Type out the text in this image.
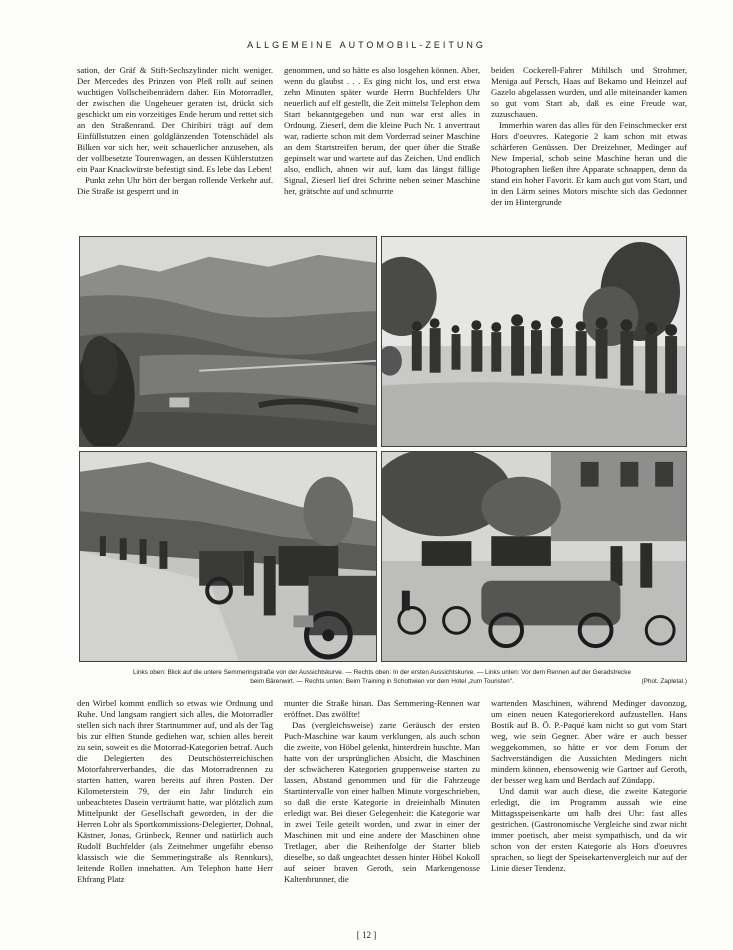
ALLGEMEINE AUTOMOBIL-ZEITUNG

sation, der Gräf & Stift-Sechszylinder nicht weniger. Der Mercedes des Prinzen von Pleß rollt auf seinen wuchtigen Vollscheibenrädern daher. Ein Motorradler, der zwischen die Ungeheuer geraten ist, drückt sich geschickt um ein vorzeitiges Ende herum und rettet sich an den Straßenrand. Der Chiribiri trägt auf dem Einfüllstutzen einen goldglänzenden Totenschädel als Bilken vor sich her, weit schauerlicher anzusehen, als der vollbesetzte Tourenwagen, an dessen Kühlerstutzen ein Paar Knackwürste befestigt sind. Es lebe das Leben!

Punkt zehn Uhr hört der bergan rollende Verkehr auf. Die Straße ist gesperrt und in

genommen, und so hätte es also losgehen können. Aber, wenn du glaubst . . . Es ging nicht los, und erst etwa zehn Minuten später wurde Herrn Buchfelders Uhr neuerlich auf elf gestellt, die Zeit mittelst Telephon dem Start bekanntgegeben und nun war erst alles in Ordnung. Zieserl, dem die kleine Puch Nr. 1 anvertraut war, radierte schon mit dem Vorderrad seiner Maschine an dem Startstreifen herum, der quer über die Straße gepinselt war und wartete auf das Zeichen. Und endlich also, endlich, ahnen wir auf, kam das längst fällige Signal, Zieserl lief drei Schritte neben seiner Maschine her, grätschte auf und schnurrte

beiden Cockerell-Fahrer Mihilsch und Strohmer, Meniga auf Persch, Haas auf Bekamo und Heinzel auf Gazelo abgelassen wurden, und alle miteinander kamen so gut vom Start ab, daß es eine Freude war, zuzuschauen.

Immerhin waren das alles für den Feinschmecker erst Hors d'oeuvres. Kategorie 2 kam schon mit etwas schärferen Genüssen. Der Dreizehner, Medinger auf New Imperial, schob seine Maschine heran und die Photographen ließen ihre Apparate schnappen, denn da stand ein hoher Favorit. Er kam auch gut vom Start, und in den Lärm seines Motors mischte sich das Gedonner der im Hintergrunde

Links oben: Blick auf die untere Semmeringstraße von der Aussichtskurve. — Rechts oben: In der ersten Aussichtskurve. — Links unten: Vor dem Rennen auf der Geradstrecke
beim Bärenwirt. — Rechts unten: Beim Training in Schottwien vor dem Hotel „zum Touristen".	(Phot. Zapletal.)

den Wirbel kommt endlich so etwas wie Ordnung und Ruhe. Und langsam rangiert sich alles, die Motorradler stellen sich nach ihrer Startnummer auf, und als der Tag bis zur elften Stunde gediehen war, schien alles bereit zu sein, soweit es die Motorrad-Kategorien betraf. Auch die Delegierten des Deutschösterreichischen Motorfahrerverbandes, die das Motorradrennen zu starten hatten, waren bereits auf ihren Posten. Der Kilometerstein 79, der ein Jahr lindurch ein unbeachtetes Dasein verträumt hatte, war plötzlich zum Mittelpunkt der Gesellschaft geworden, in der die Herren Lohr als Sportkommissions-Delegierter, Dohnal, Kästner, Jonas, Grünbeck, Renner und natürlich auch Rudolf Buchfelder (als Zeitnehmer ungefähr ebenso klassisch wie die Semmeringstraße als Rennkurs), leitende Rollen innehatten. Am Telephon hatte Herr Ehfrang Platz

munter die Straße hinan. Das Semmering-Rennen war eröffnet. Das zwölfte!

Das (vergleichsweise) zarte Geräusch der ersten Puch-Maschine war kaum verklungen, als auch schon die zweite, von Höbel gelenkt, hinterdrein huschte. Man hatte von der ursprünglichen Absicht, die Maschinen der schwächeren Kategorien gruppenweise starten zu lassen, Abstand genommen und für die Fahrzeuge Startintervalle von einer halben Minute vorgeschrieben, so daß die erste Kategorie in dreieinhalb Minuten erledigt war. Bei dieser Gelegenheit: die Kategorie war in zwei Teile geteilt worden, und zwar in einer der Maschinen mit und eine andere der Maschinen ohne Tretlager, aber die Reihenfolge der Starter blieb dieselbe, so daß ungeachtet dessen hinter Höbel Kokoll auf seiner braven Geroth, sein Markengenosse Kaltenbrunner, die

wartenden Maschinen, während Medinger davonzog, um einen neuen Kategorierekord aufzustellen. Hans Bostik auf B. Ö. P.-Paqué kam nicht so gut vom Start weg, wie sein Gegner. Aber wäre er auch besser weggekommen, so hätte er vor dem Forum der Sachverständigen die Aussichten Medingers nicht mindern können, ebensowenig wie Gartner auf Geroth, der besser weg kam und Berdach auf Zündapp.

Und damit war auch diese, die zweite Kategorie erledigt, die im Programm aussah wie eine Mittagsspeisenkarte um halb drei Uhr: fast alles gestrichen. (Gastronomische Vergleiche sind zwar nicht immer poetisch, aber meist sympathisch, und da wir schon von der ersten Kategorie als Hors d'oeuvres sprachen, so liegt der Speisekartenvergleich nur auf der Linie dieser Tendenz.

[ 12 ]
